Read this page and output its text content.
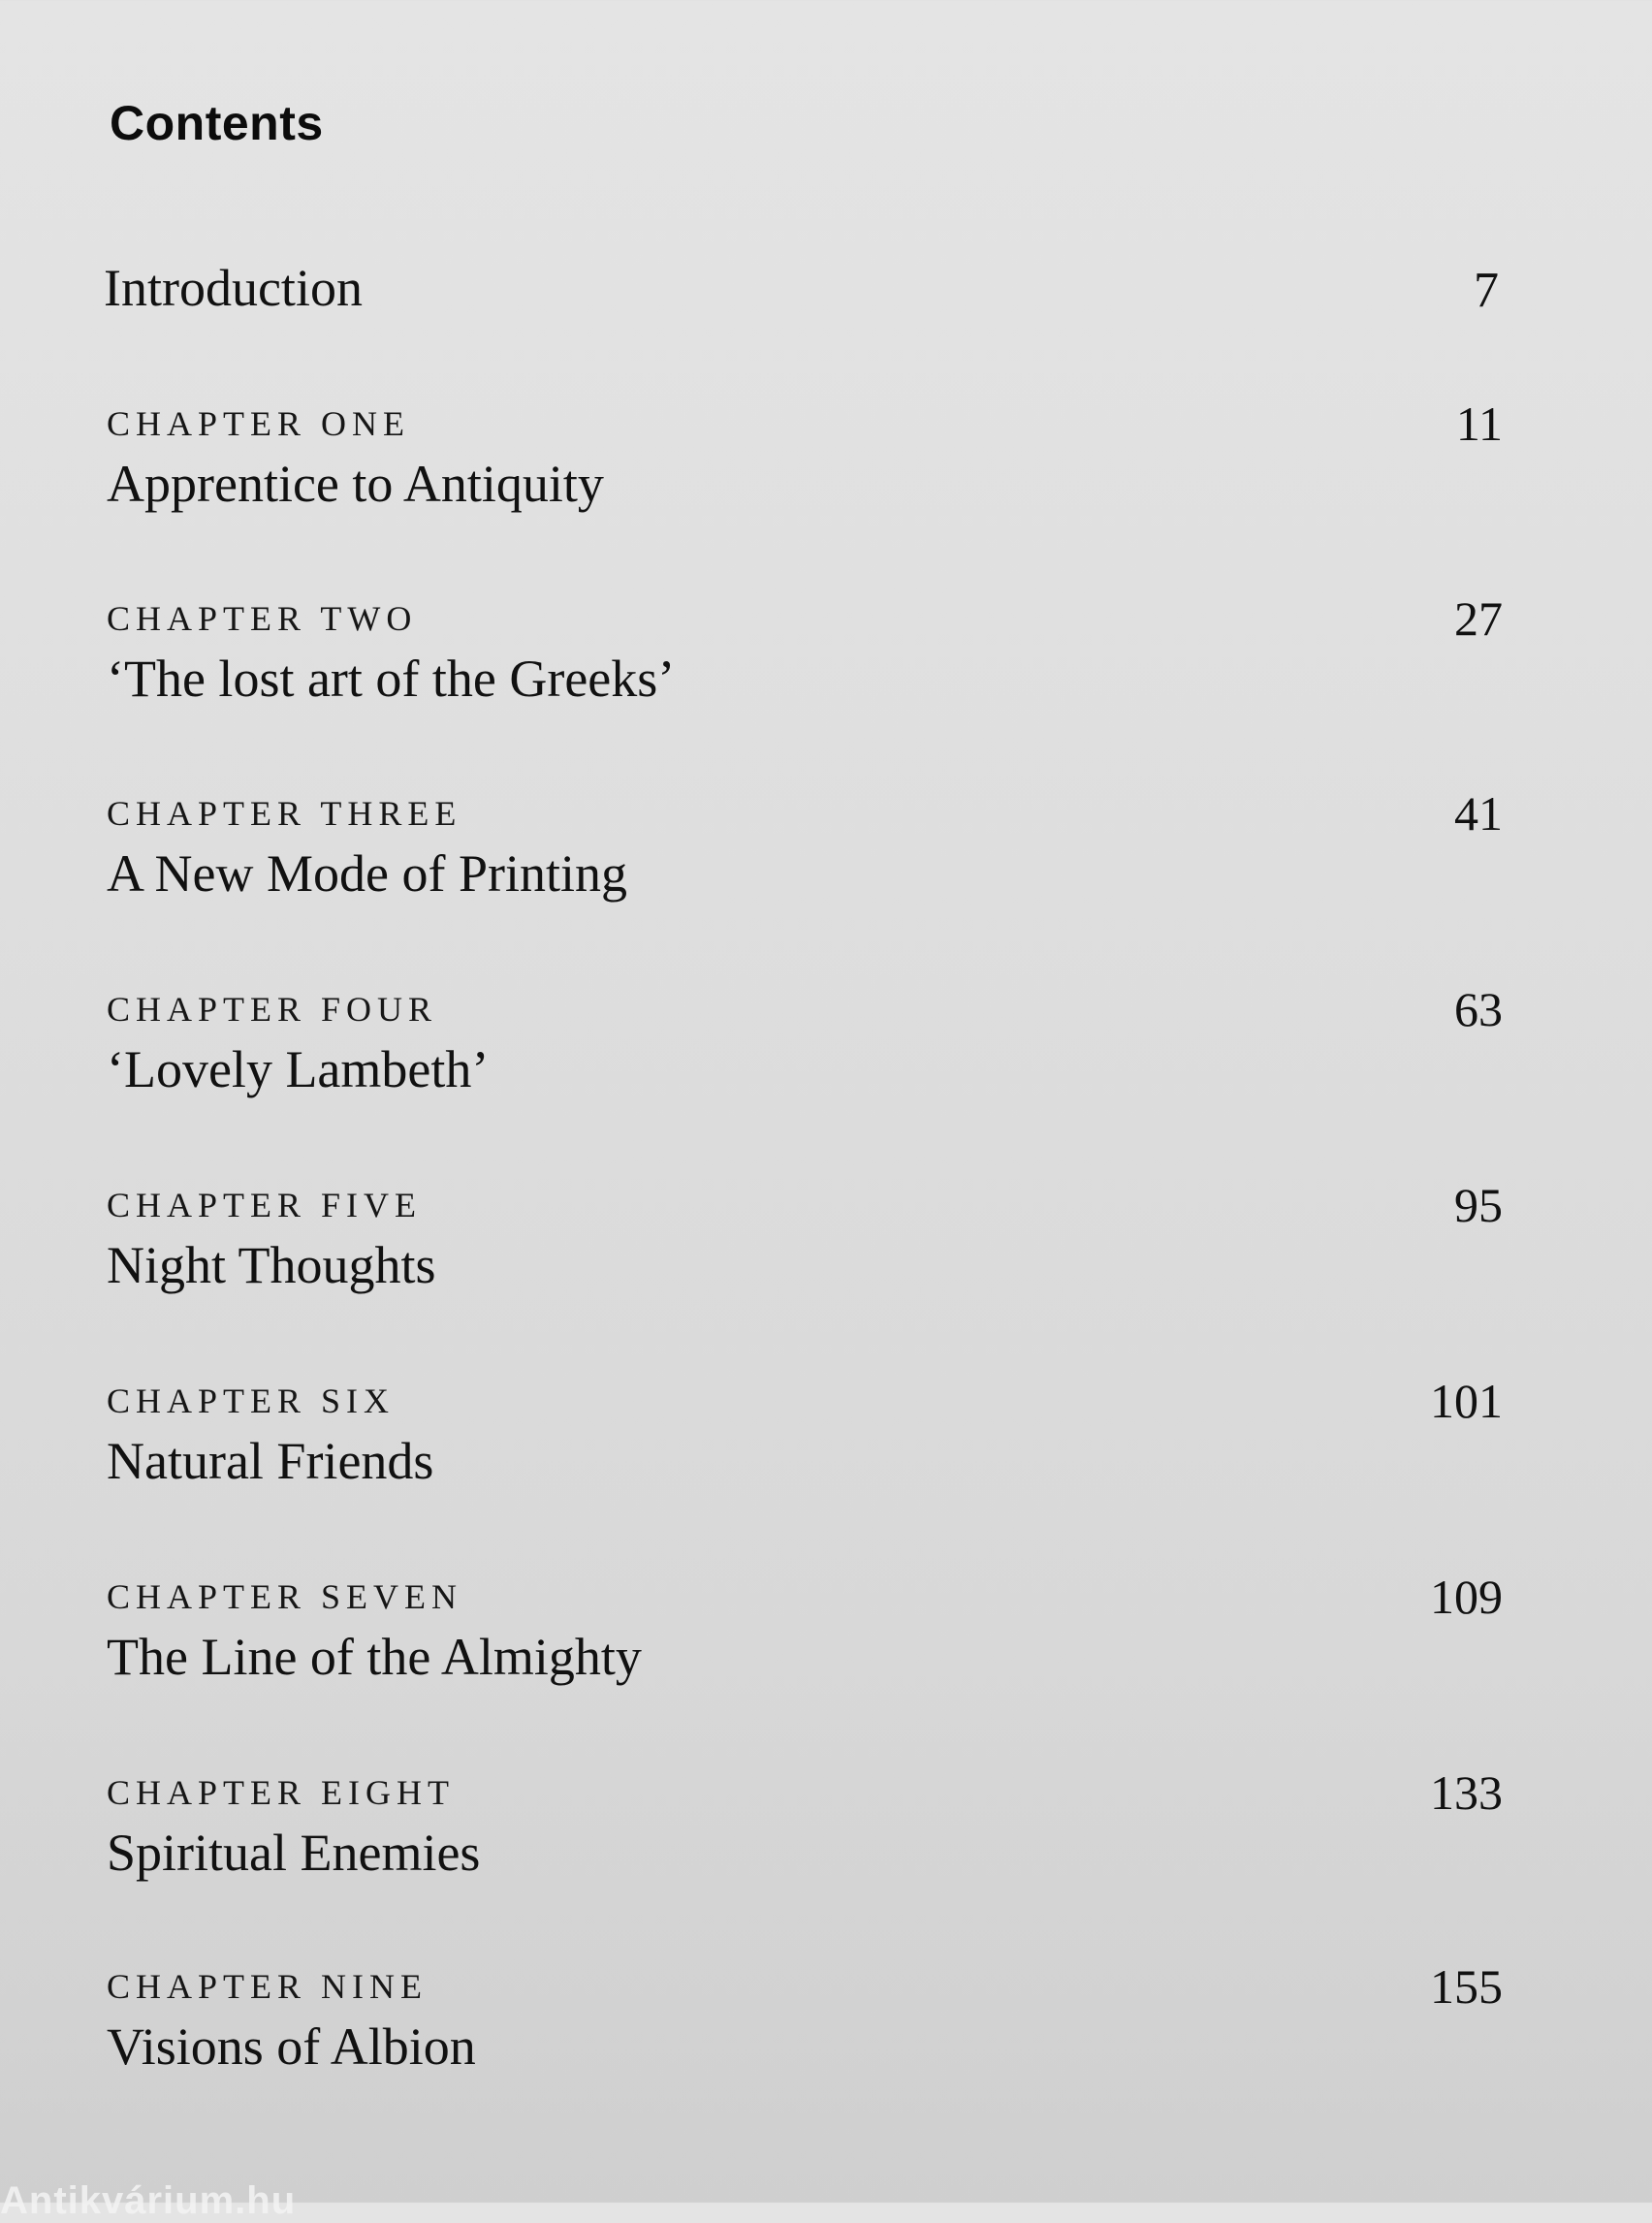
Contents
Introduction	7
CHAPTER ONE
Apprentice to Antiquity
11
CHAPTER TWO
‘The lost art of the Greeks’
27
CHAPTER THREE
A New Mode of Printing
41
CHAPTER FOUR
‘Lovely Lambeth’
63
CHAPTER FIVE
Night Thoughts
95
CHAPTER SIX
Natural Friends
101
CHAPTER SEVEN
The Line of the Almighty
109
CHAPTER EIGHT
Spiritual Enemies
133
CHAPTER NINE
Visions of Albion
155
Antikvárium.hu
